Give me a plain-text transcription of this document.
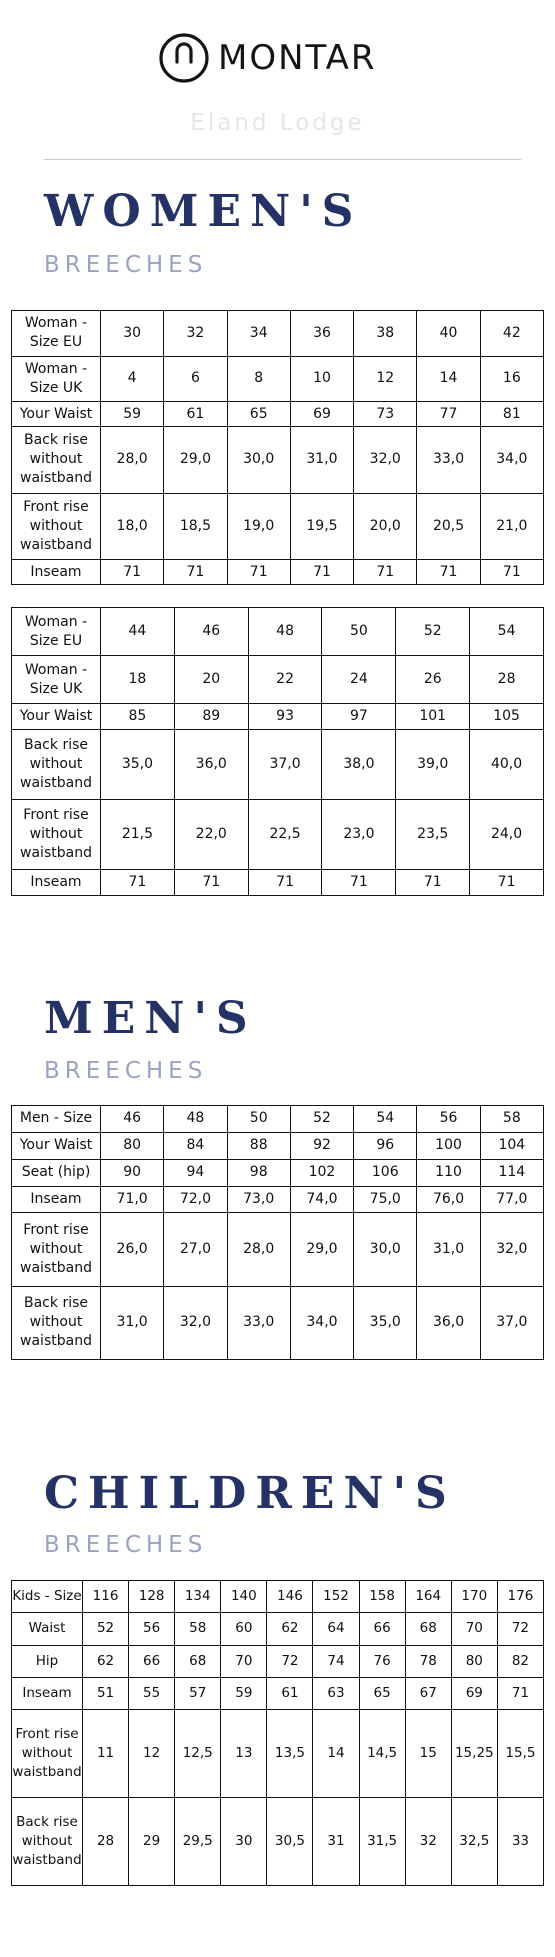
MONTAR
Eland Lodge
WOMEN'S
BREECHES
Woman - Size EU	30	32	34	36	38	40	42
Woman - Size UK	4	6	8	10	12	14	16
Your Waist	59	61	65	69	73	77	81
Back rise without waistband	28,0	29,0	30,0	31,0	32,0	33,0	34,0
Front rise without waistband	18,0	18,5	19,0	19,5	20,0	20,5	21,0
Inseam	71	71	71	71	71	71	71
Woman - Size EU	44	46	48	50	52	54
Woman - Size UK	18	20	22	24	26	28
Your Waist	85	89	93	97	101	105
Back rise without waistband	35,0	36,0	37,0	38,0	39,0	40,0
Front rise without waistband	21,5	22,0	22,5	23,0	23,5	24,0
Inseam	71	71	71	71	71	71
MEN'S
BREECHES
Men - Size	46	48	50	52	54	56	58
Your Waist	80	84	88	92	96	100	104
Seat (hip)	90	94	98	102	106	110	114
Inseam	71,0	72,0	73,0	74,0	75,0	76,0	77,0
Front rise without waistband	26,0	27,0	28,0	29,0	30,0	31,0	32,0
Back rise without waistband	31,0	32,0	33,0	34,0	35,0	36,0	37,0
CHILDREN'S
BREECHES
Kids - Size	116	128	134	140	146	152	158	164	170	176
Waist	52	56	58	60	62	64	66	68	70	72
Hip	62	66	68	70	72	74	76	78	80	82
Inseam	51	55	57	59	61	63	65	67	69	71
Front rise without waistband	11	12	12,5	13	13,5	14	14,5	15	15,25	15,5
Back rise without waistband	28	29	29,5	30	30,5	31	31,5	32	32,5	33
